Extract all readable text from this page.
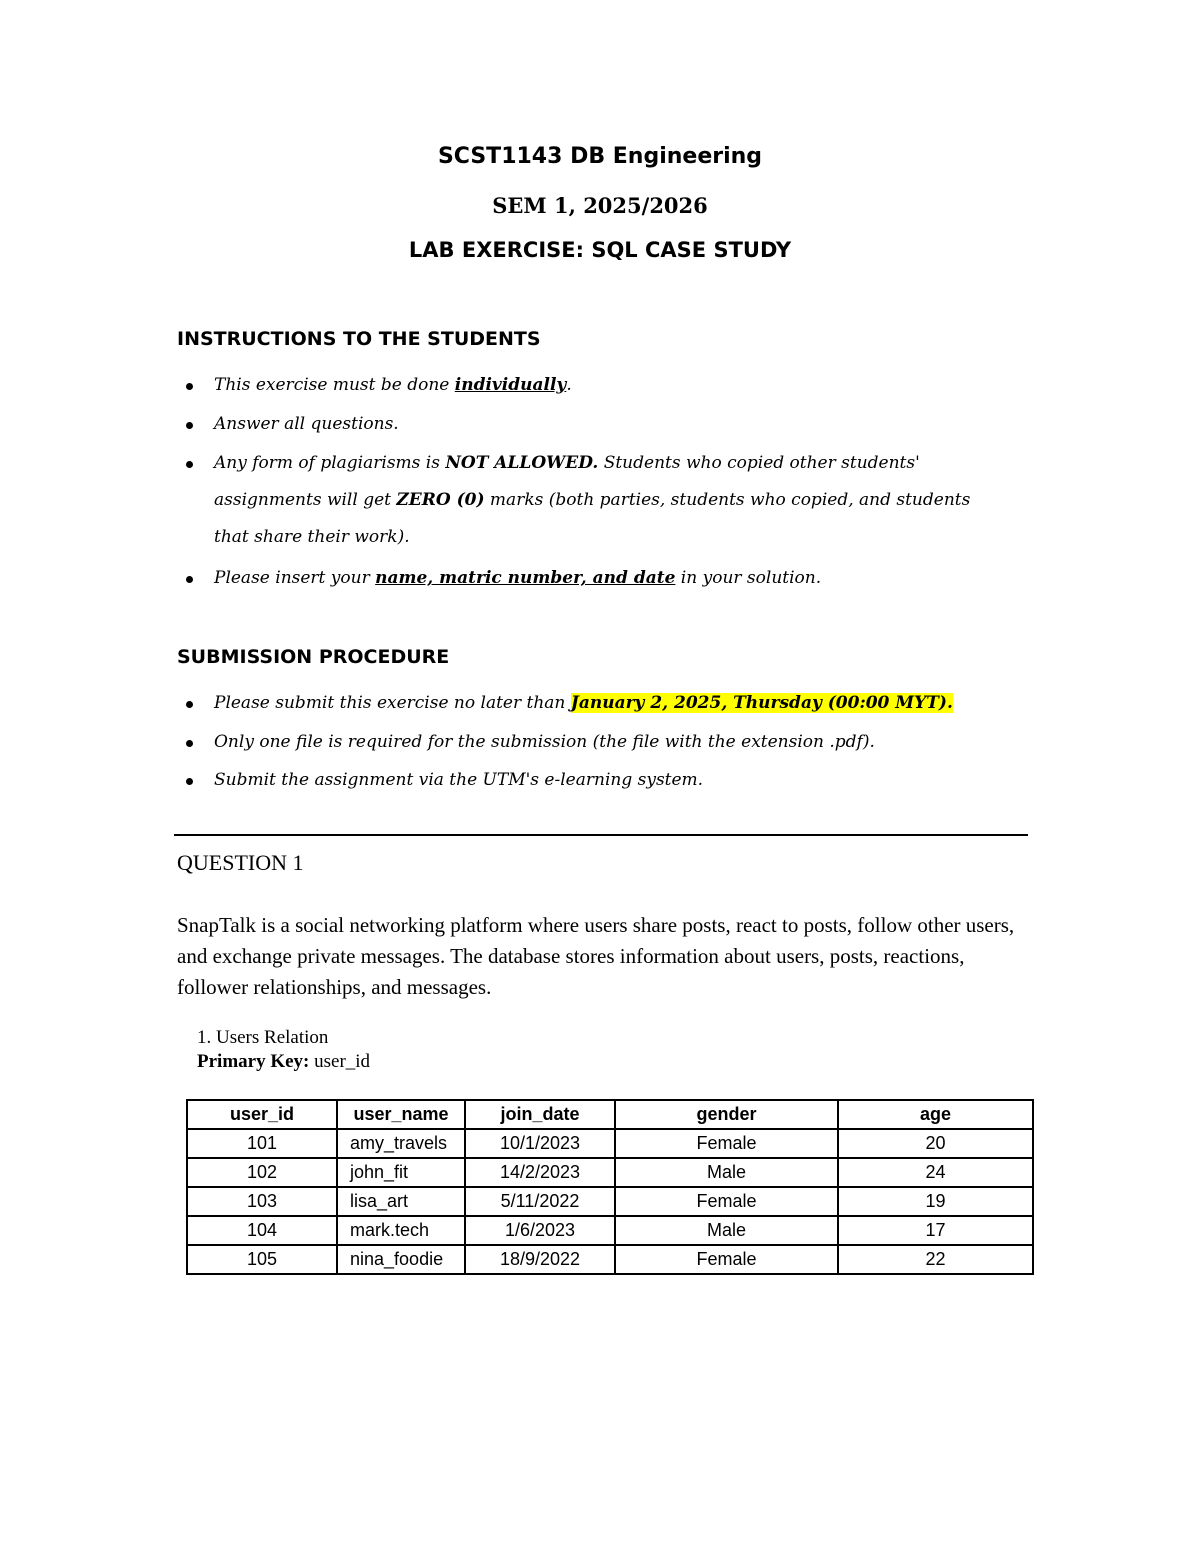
SCST1143 DB Engineering
SEM 1, 2025/2026
LAB EXERCISE: SQL CASE STUDY
INSTRUCTIONS TO THE STUDENTS
This exercise must be done individually.
Answer all questions.
Any form of plagiarisms is NOT ALLOWED. Students who copied other students'
assignments will get ZERO (0) marks (both parties, students who copied, and students
that share their work).
Please insert your name, matric number, and date in your solution.
SUBMISSION PROCEDURE
Please submit this exercise no later than January 2, 2025, Thursday (00:00 MYT).
Only one file is required for the submission (the file with the extension .pdf).
Submit the assignment via the UTM's e-learning system.
QUESTION 1
SnapTalk is a social networking platform where users share posts, react to posts, follow other users, and exchange private messages. The database stores information about users, posts, reactions, follower relationships, and messages.
1. Users Relation
Primary Key: user_id
user_id	user_name	join_date	gender	age
101	amy_travels	10/1/2023	Female	20
102	john_fit	14/2/2023	Male	24
103	lisa_art	5/11/2022	Female	19
104	mark.tech	1/6/2023	Male	17
105	nina_foodie	18/9/2022	Female	22
